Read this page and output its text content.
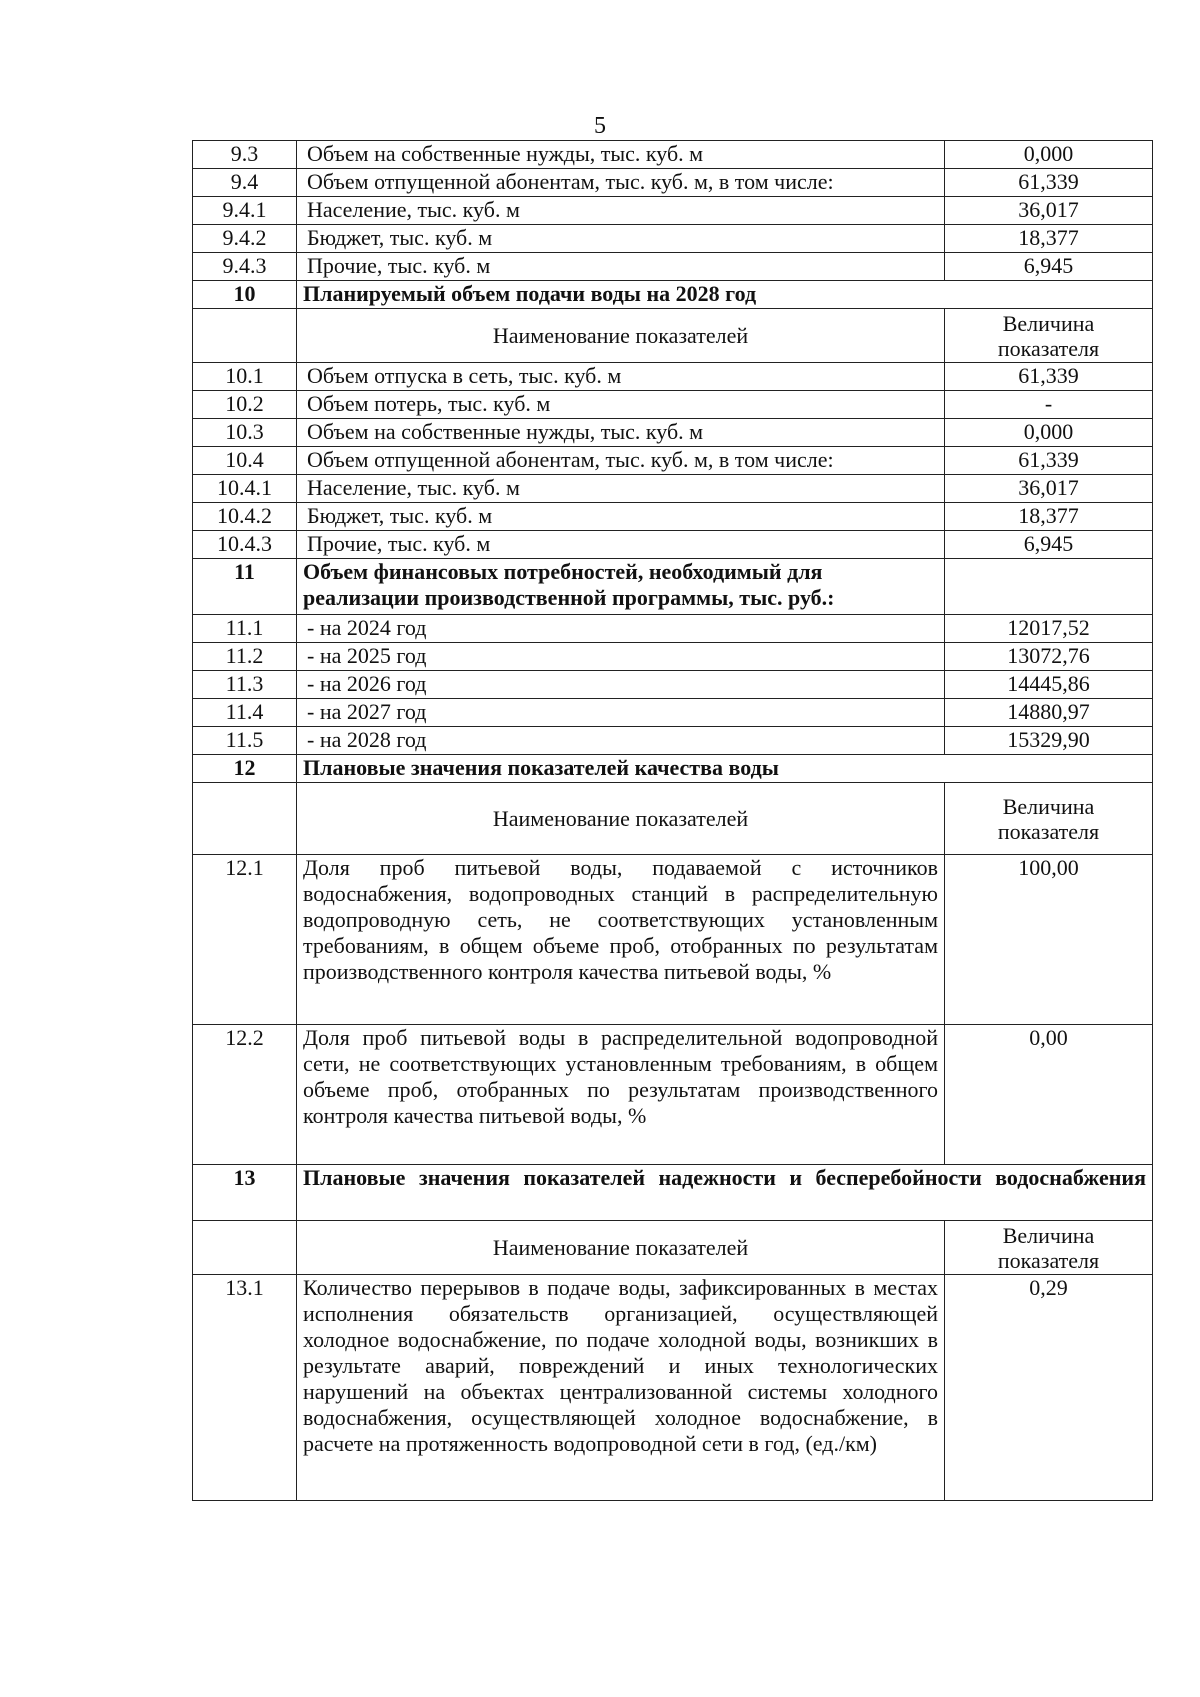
5
9.3	Объем на собственные нужды, тыс. куб. м	0,000
9.4	Объем отпущенной абонентам, тыс. куб. м, в том числе:	61,339
9.4.1	Население, тыс. куб. м	36,017
9.4.2	Бюджет, тыс. куб. м	18,377
9.4.3	Прочие, тыс. куб. м	6,945
10	Планируемый объем подачи воды на 2028 год	
	Наименование показателей	Величина показателя
10.1	Объем отпуска в сеть, тыс. куб. м	61,339
10.2	Объем потерь, тыс. куб. м	-
10.3	Объем на собственные нужды, тыс. куб. м	0,000
10.4	Объем отпущенной абонентам, тыс. куб. м, в том числе:	61,339
10.4.1	Население, тыс. куб. м	36,017
10.4.2	Бюджет, тыс. куб. м	18,377
10.4.3	Прочие, тыс. куб. м	6,945
11	Объем финансовых потребностей, необходимый для реализации производственной программы, тыс. руб.:	
11.1	- на 2024 год	12017,52
11.2	- на 2025 год	13072,76
11.3	- на 2026 год	14445,86
11.4	- на 2027 год	14880,97
11.5	- на 2028 год	15329,90
12	Плановые значения показателей качества воды	
	Наименование показателей	Величина показателя
12.1	Доля проб питьевой воды, подаваемой с источников водоснабжения, водопроводных станций в распределительную водопроводную сеть, не соответствующих установленным требованиям, в общем объеме проб, отобранных по результатам производственного контроля качества питьевой воды, %	100,00
12.2	Доля проб питьевой воды в распределительной водопроводной сети, не соответствующих установленным требованиям, в общем объеме проб, отобранных по результатам производственного контроля качества питьевой воды, %	0,00
13	Плановые значения показателей надежности и бесперебойности водоснабжения	

	Наименование показателей	Величина показателя
13.1	Количество перерывов в подаче воды, зафиксированных в местах исполнения обязательств организацией, осуществляющей холодное водоснабжение, по подаче холодной воды, возникших в результате аварий, повреждений и иных технологических нарушений на объектах централизованной системы холодного водоснабжения, осуществляющей холодное водоснабжение, в расчете на протяженность водопроводной сети в год, (ед./км)	0,29
